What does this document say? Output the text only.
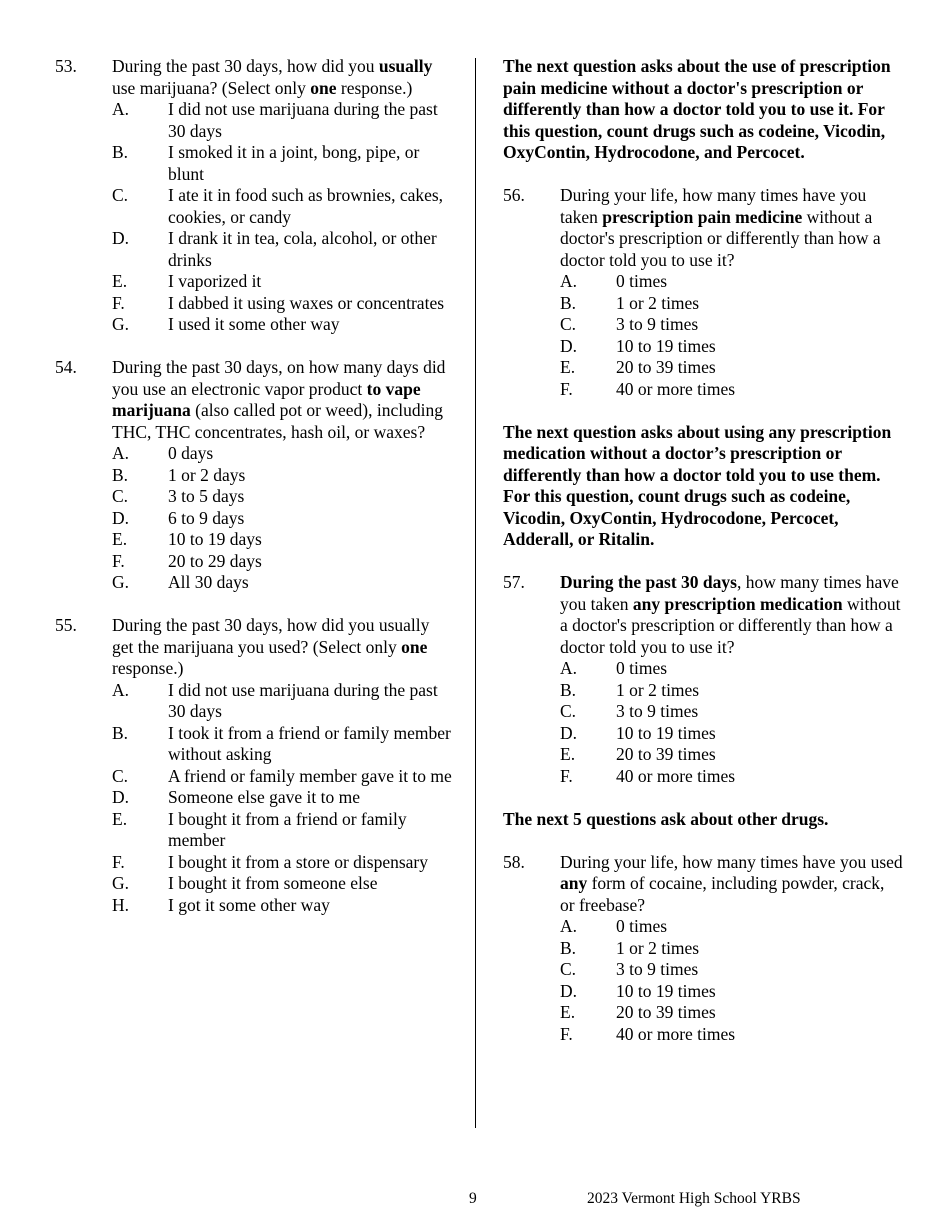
53. During the past 30 days, how did you usually use marijuana? (Select only one response.)
A. I did not use marijuana during the past 30 days
B. I smoked it in a joint, bong, pipe, or blunt
C. I ate it in food such as brownies, cakes, cookies, or candy
D. I drank it in tea, cola, alcohol, or other drinks
E. I vaporized it
F. I dabbed it using waxes or concentrates
G. I used it some other way
54. During the past 30 days, on how many days did you use an electronic vapor product to vape marijuana (also called pot or weed), including THC, THC concentrates, hash oil, or waxes?
A. 0 days
B. 1 or 2 days
C. 3 to 5 days
D. 6 to 9 days
E. 10 to 19 days
F. 20 to 29 days
G. All 30 days
55. During the past 30 days, how did you usually get the marijuana you used? (Select only one response.)
A. I did not use marijuana during the past 30 days
B. I took it from a friend or family member without asking
C. A friend or family member gave it to me
D. Someone else gave it to me
E. I bought it from a friend or family member
F. I bought it from a store or dispensary
G. I bought it from someone else
H. I got it some other way
The next question asks about the use of prescription pain medicine without a doctor's prescription or differently than how a doctor told you to use it. For this question, count drugs such as codeine, Vicodin, OxyContin, Hydrocodone, and Percocet.
56. During your life, how many times have you taken prescription pain medicine without a doctor's prescription or differently than how a doctor told you to use it?
A. 0 times
B. 1 or 2 times
C. 3 to 9 times
D. 10 to 19 times
E. 20 to 39 times
F. 40 or more times
The next question asks about using any prescription medication without a doctor’s prescription or differently than how a doctor told you to use them. For this question, count drugs such as codeine, Vicodin, OxyContin, Hydrocodone, Percocet, Adderall, or Ritalin.
57. During the past 30 days, how many times have you taken any prescription medication without a doctor's prescription or differently than how a doctor told you to use it?
A. 0 times
B. 1 or 2 times
C. 3 to 9 times
D. 10 to 19 times
E. 20 to 39 times
F. 40 or more times
The next 5 questions ask about other drugs.
58. During your life, how many times have you used any form of cocaine, including powder, crack, or freebase?
A. 0 times
B. 1 or 2 times
C. 3 to 9 times
D. 10 to 19 times
E. 20 to 39 times
F. 40 or more times
9	2023 Vermont High School YRBS
